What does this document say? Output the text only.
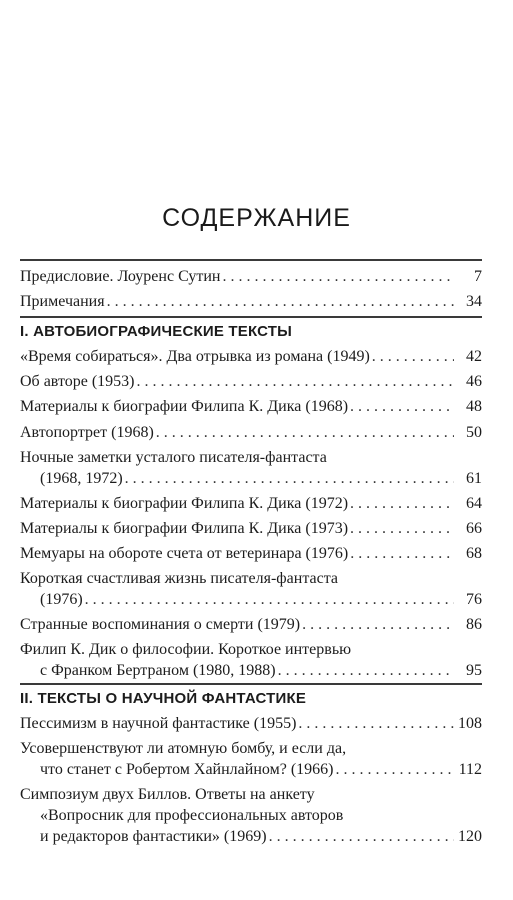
СОДЕРЖАНИЕ
Предисловие. Лоуренс Сутин . . .	7
Примечания . . .	34
I. АВТОБИОГРАФИЧЕСКИЕ ТЕКСТЫ
«Время собираться». Два отрывка из романа (1949) . . .	42
Об авторе (1953) . . .	46
Материалы к биографии Филипа К. Дика (1968) . . .	48
Автопортрет (1968) . . .	50
Ночные заметки усталого писателя-фантаста
(1968, 1972) . . .	61
Материалы к биографии Филипа К. Дика (1972) . . .	64
Материалы к биографии Филипа К. Дика (1973) . . .	66
Мемуары на обороте счета от ветеринара (1976) . . .	68
Короткая счастливая жизнь писателя-фантаста
(1976) . . .	76
Странные воспоминания о смерти (1979) . . .	86
Филип К. Дик о философии. Короткое интервью
с Франком Бертраном (1980, 1988) . . .	95
II. ТЕКСТЫ О НАУЧНОЙ ФАНТАСТИКЕ
Пессимизм в научной фантастике (1955) . . .	108
Усовершенствуют ли атомную бомбу, и если да,
что станет с Робертом Хайнлайном? (1966) . . .	112
Симпозиум двух Биллов. Ответы на анкету
«Вопросник для профессиональных авторов
и редакторов фантастики» (1969) . . .	120
